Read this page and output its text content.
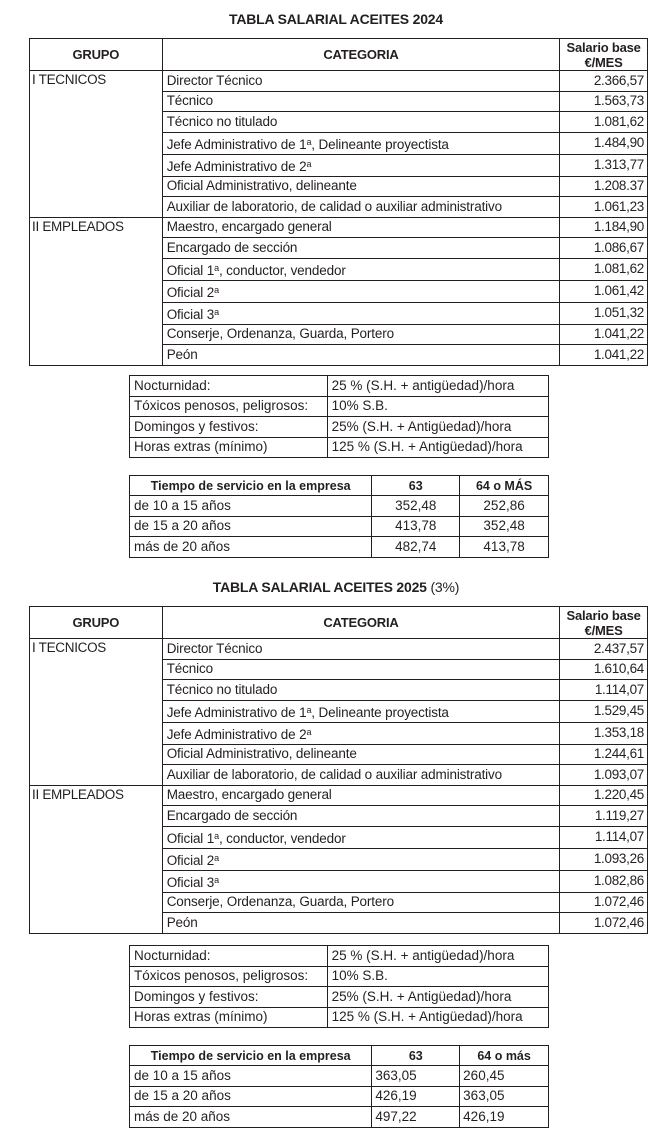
TABLA SALARIAL ACEITES 2024
GRUPO	CATEGORIA	Salario base
€/MES
I TECNICOS	Director Técnico	2.366,57
	Técnico	1.563,73
	Técnico no titulado	1.081,62
	Jefe Administrativo de 1$^a$, Delineante proyectista	1.484,90
	Jefe Administrativo de 2$^a$	1.313,77
	Oficial Administrativo, delineante	1.208.37
	Auxiliar de laboratorio, de calidad o auxiliar administrativo	1.061,23
II EMPLEADOS	Maestro, encargado general	1.184,90
	Encargado de sección	1.086,67
	Oficial 1$^a$, conductor, vendedor	1.081,62
	Oficial 2$^a$	1.061,42
	Oficial 3$^a$	1.051,32
	Conserje, Ordenanza, Guarda, Portero	1.041,22
	Peón	1.041,22
Nocturnidad:	25 % (S.H. + antigüedad)/hora
Tóxicos penosos, peligrosos:	10% S.B.
Domingos y festivos:	25% (S.H. + Antigüedad)/hora
Horas extras (mínimo)	125 % (S.H. + Antigüedad)/hora
Tiempo de servicio en la empresa	63	64 o MÁS
de 10 a 15 años	352,48	252,86
de 15 a 20 años	413,78	352,48
más de 20 años	482,74	413,78
TABLA SALARIAL ACEITES 2025 (3%)
GRUPO	CATEGORIA	Salario base
€/MES
I TECNICOS	Director Técnico	2.437,57
	Técnico	1.610,64
	Técnico no titulado	1.114,07
	Jefe Administrativo de 1$^a$, Delineante proyectista	1.529,45
	Jefe Administrativo de 2$^a$	1.353,18
	Oficial Administrativo, delineante	1.244,61
	Auxiliar de laboratorio, de calidad o auxiliar administrativo	1.093,07
II EMPLEADOS	Maestro, encargado general	1.220,45
	Encargado de sección	1.119,27
	Oficial 1$^a$, conductor, vendedor	1.114,07
	Oficial 2$^a$	1.093,26
	Oficial 3$^a$	1.082,86
	Conserje, Ordenanza, Guarda, Portero	1.072,46
	Peón	1.072,46
Nocturnidad:	25 % (S.H. + antigüedad)/hora
Tóxicos penosos, peligrosos:	10% S.B.
Domingos y festivos:	25% (S.H. + Antigüedad)/hora
Horas extras (mínimo)	125 % (S.H. + Antigüedad)/hora
Tiempo de servicio en la empresa	63	64 o más
de 10 a 15 años	363,05	260,45
de 15 a 20 años	426,19	363,05
más de 20 años	497,22	426,19
